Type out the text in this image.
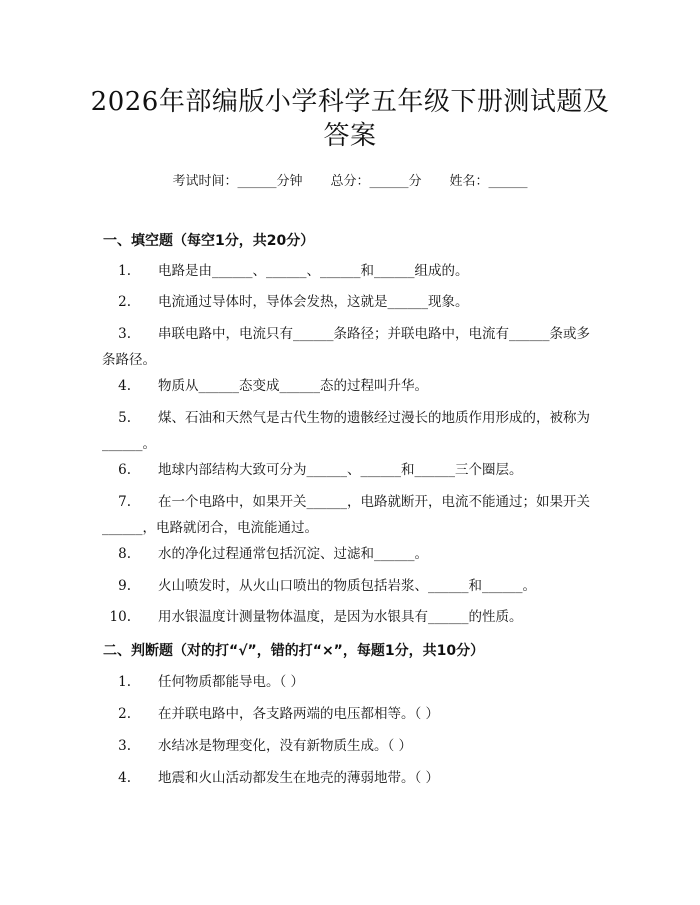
2026年部编版小学科学五年级下册测试题及
答案
考试时间：______分钟 总分：______分 姓名：______
一、填空题（每空1分，共20分）
1. 电路是由______、______、______和______组成的。
2. 电流通过导体时，导体会发热，这就是______现象。
3. 串联电路中，电流只有______条路径；并联电路中，电流有______条或多
条路径。
4. 物质从______态变成______态的过程叫升华。
5. 煤、石油和天然气是古代生物的遗骸经过漫长的地质作用形成的，被称为
______。
6. 地球内部结构大致可分为______、______和______三个圈层。
7. 在一个电路中，如果开关______，电路就断开，电流不能通过；如果开关
______，电路就闭合，电流能通过。
8. 水的净化过程通常包括沉淀、过滤和______。
9. 火山喷发时，从火山口喷出的物质包括岩浆、______和______。
10. 用水银温度计测量物体温度，是因为水银具有______的性质。
二、判断题（对的打“√”，错的打“×”，每题1分，共10分）
1. 任何物质都能导电。（ ）
2. 在并联电路中，各支路两端的电压都相等。（ ）
3. 水结冰是物理变化，没有新物质生成。（ ）
4. 地震和火山活动都发生在地壳的薄弱地带。（ ）
